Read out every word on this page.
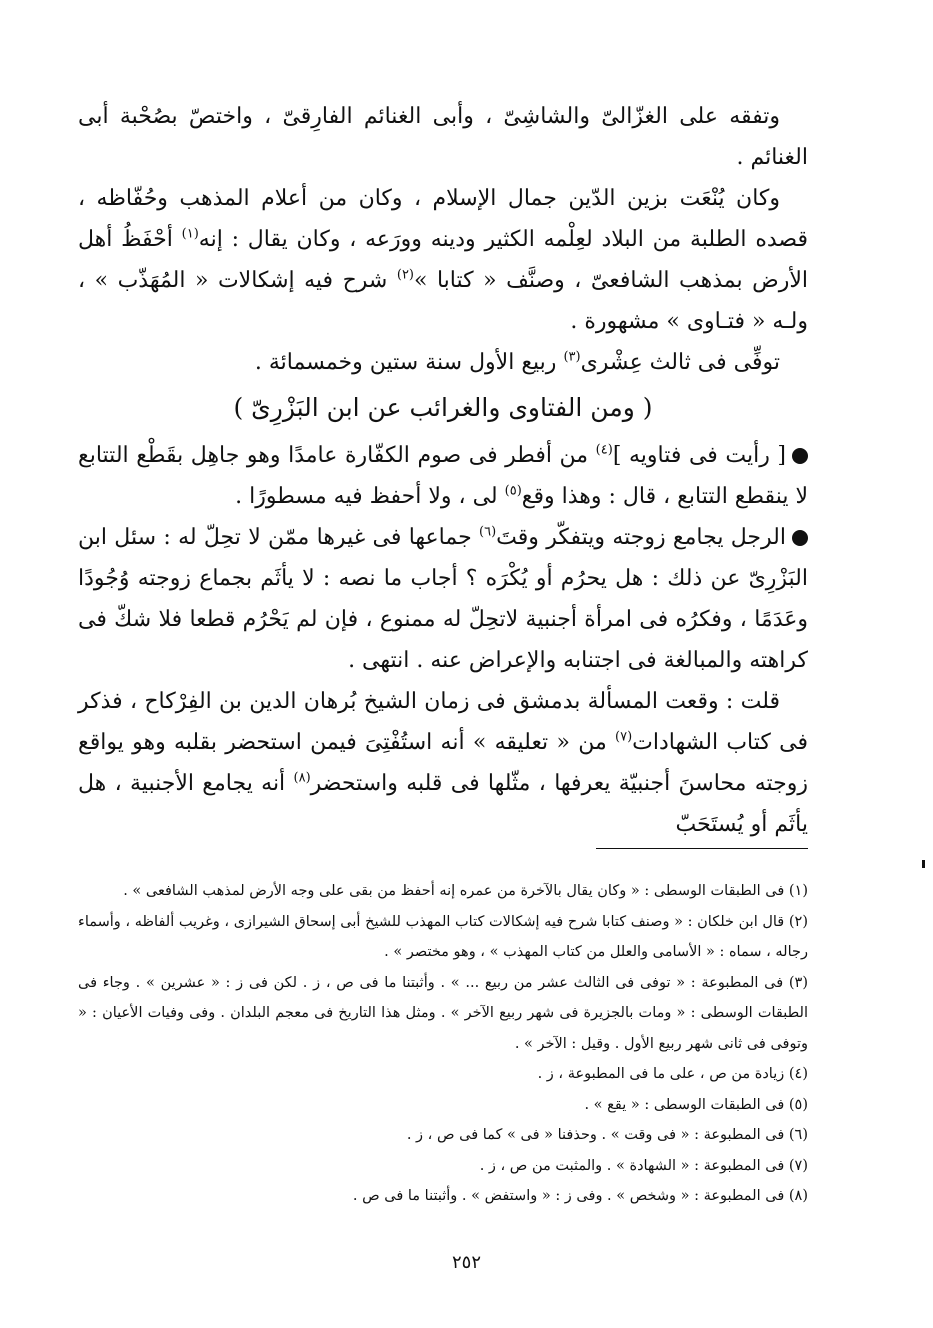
وتفقه على الغزّالىّ والشاشِىّ ، وأبى الغنائم الفارِقىّ ، واختصّ بصُحْبة أبى الغنائم .

وكان يُنْعَت بزين الدّين جمال الإسلام ، وكان من أعلام المذهب وحُفّاظه ، قصده الطلبة من البلاد لعِلْمه الكثير ودينه وورَعه ، وكان يقال : إنه$^{(١)}$ أحْفَظُ أهل الأرض بمذهب الشافعىّ ، وصنَّف « كتابا »$^{(٢)}$ شرح فيه إشكالات « المُهَذّب » ، ولـه « فتـاوى » مشهورة .

توفِّى فى ثالث عِشْرى$^{(٣)}$ ربيع الأول سنة ستين وخمسمائة .

( ومن الفتاوى والغرائب عن ابن البَزْرِىّ )

[ رأيت فى فتاويه ]$^{(٤)}$ من أفطر فى صوم الكفّارة عامدًا وهو جاهِل بقَطْع التتابع لا ينقطع التتابع ، قال : وهذا وقع$^{(٥)}$ لى ، ولا أحفظ فيه مسطورًا .

الرجل يجامع زوجته ويتفكّر وقتَ$^{(٦)}$ جماعها فى غيرها ممّن لا تحِلّ له : سئل ابن البَزْرِىّ عن ذلك : هل يحرُم أو يُكْرَه ؟ أجاب ما نصه : لا يأثَم بجماع زوجته وُجُودًا وعَدَمًا ، وفكرُه فى امرأة أجنبية لاتحِلّ له ممنوع ، فإن لم يَحْرُم قطعا فلا شكّ فى كراهته والمبالغة فى اجتنابه والإعراض عنه . انتهى .

قلت : وقعت المسألة بدمشق فى زمان الشيخ بُرهان الدين بن الفِرْكاح ، فذكر فى كتاب الشهادات$^{(٧)}$ من « تعليقه » أنه استُفْتِىَ فيمن استحضر بقلبه وهو يواقع زوجته محاسنَ أجنبيّة يعرفها ، مثّلها فى قلبه واستحضر$^{(٨)}$ أنه يجامع الأجنبية ، هل يأثَم أو يُستَحَبّ

(١) فى الطبقات الوسطى : « وكان يقال بالآخرة من عمره إنه أحفظ من بقى على وجه الأرض لمذهب الشافعى » .

(٢) قال ابن خلكان : « وصنف كتابا شرح فيه إشكالات كتاب المهذب للشيخ أبى إسحاق الشيرازى ، وغريب ألفاظه ، وأسماء رجاله ، سماه : « الأسامى والعلل من كتاب المهذب » ، وهو مختصر » .

(٣) فى المطبوعة : « توفى فى الثالث عشر من ربيع ... » . وأثبتنا ما فى ص ، ز . لكن فى ز : « عشرين » . وجاء فى الطبقات الوسطى : « ومات بالجزيرة فى شهر ربيع الآخر » . ومثل هذا التاريخ فى معجم البلدان . وفى وفيات الأعيان : « وتوفى فى ثانى شهر ربيع الأول . وقيل : الآخر » .

(٤) زيادة من ص ، على ما فى المطبوعة ، ز .

(٥) فى الطبقات الوسطى : « يقع » .

(٦) فى المطبوعة : « فى وقت » . وحذفنا « فى » كما فى ص ، ز .

(٧) فى المطبوعة : « الشهادة » . والمثبت من ص ، ز .

(٨) فى المطبوعة : « وشخص » . وفى ز : « واستفض » . وأثبتنا ما فى ص .

٢٥٢
